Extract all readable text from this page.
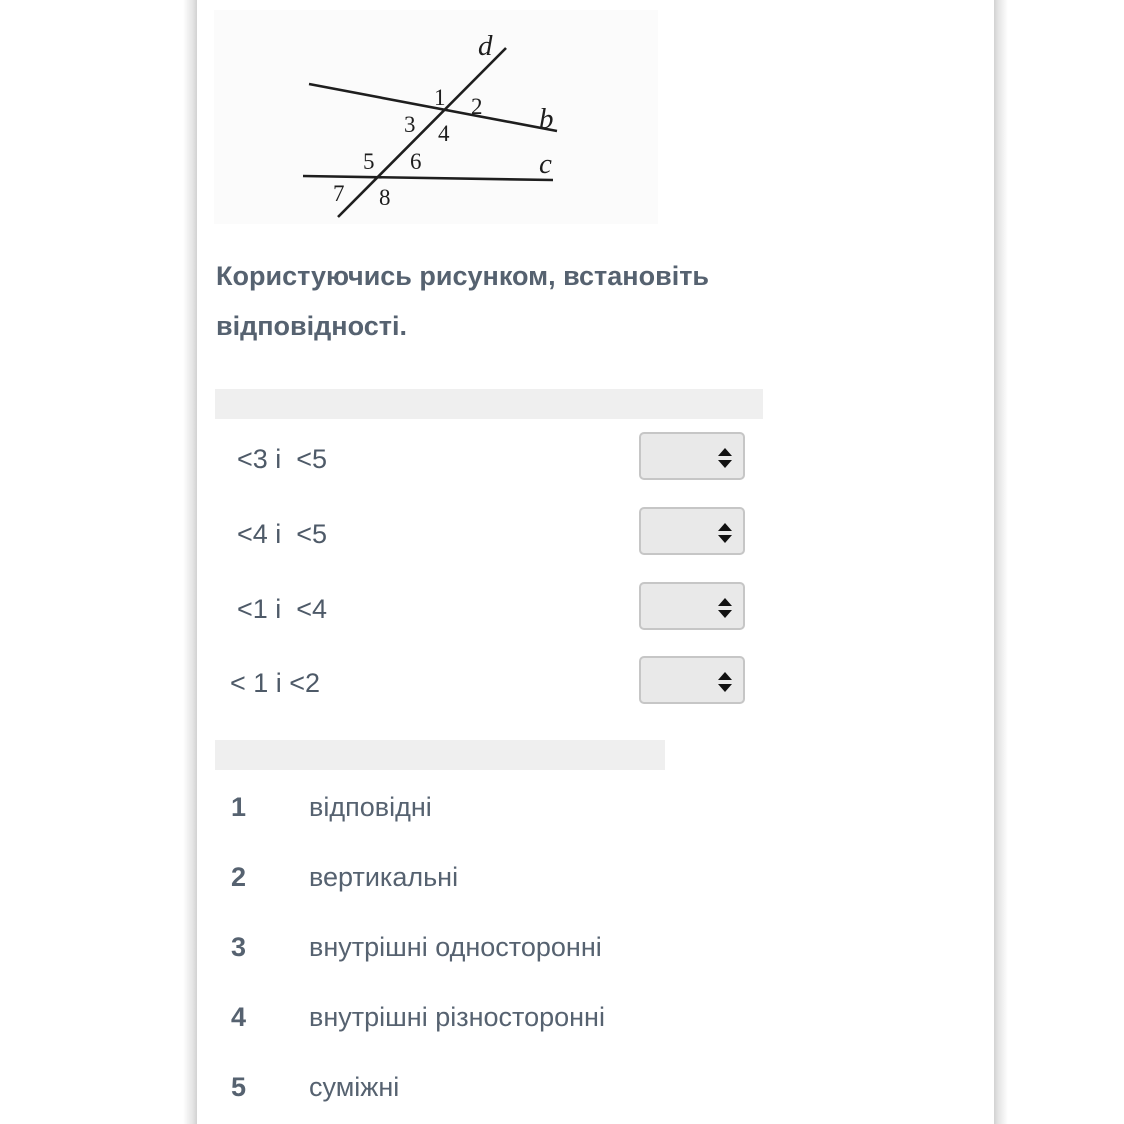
d
b
c
1 2
3 4
5 6
7 8

Користуючись рисунком, встановіть відповідності.

<3 і  <5
<4 і  <5
<1 і  <4
< 1 і <2
1 відповідні
2 вертикальні
3 внутрішні односторонні
4 внутрішні різносторонні
5 суміжні
